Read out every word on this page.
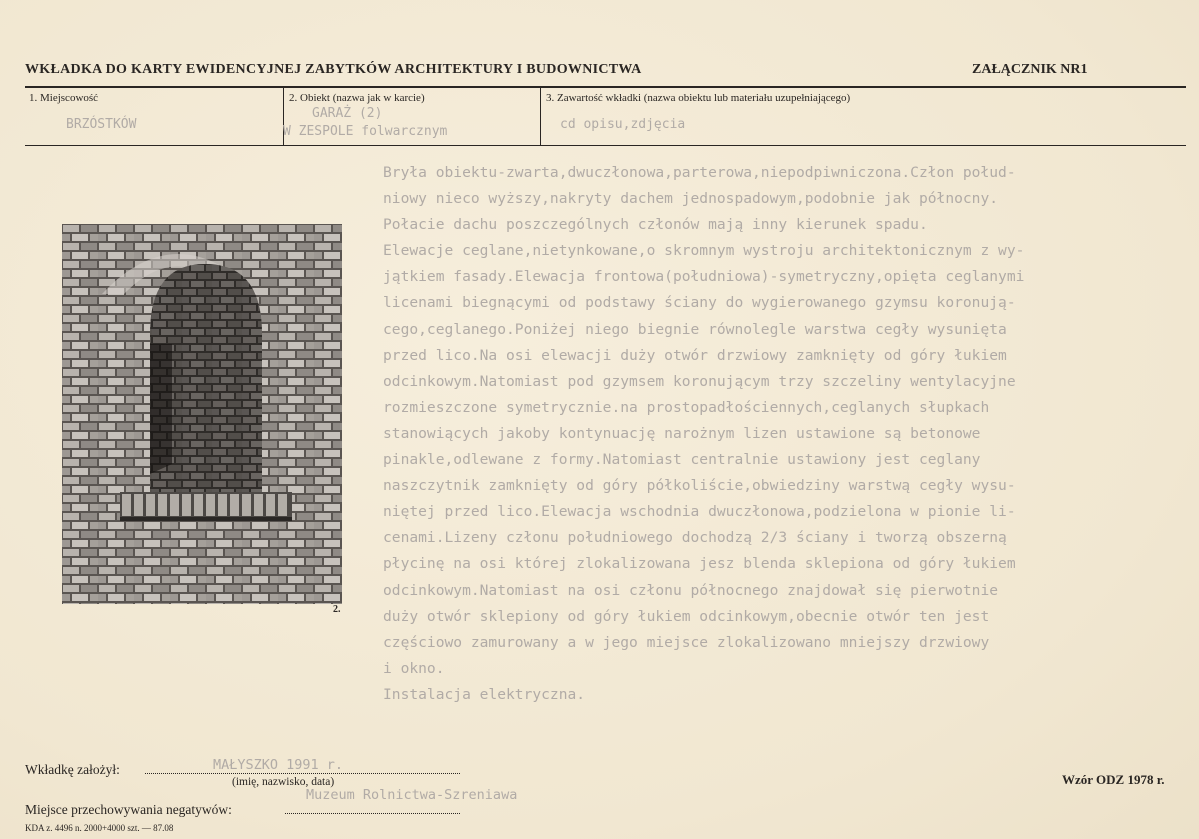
WKŁADKA DO KARTY EWIDENCYJNEJ ZABYTKÓW ARCHITEKTURY I BUDOWNICTWA	ZAŁĄCZNIK NR1
1. Miejscowość
BRZÓSTKÓW
2. Obiekt (nazwa jak w karcie)
GARAŻ (2)
W ZESPOLE folwarcznym
3. Zawartość wkładki (nazwa obiektu lub materiału uzupełniającego)
cd opisu,zdjęcia
2.
Bryła obiektu-zwarta,dwuczłonowa,parterowa,niepodpiwniczona.Człon połud-
niowy nieco wyższy,nakryty dachem jednospadowym,podobnie jak północny.
Połacie dachu poszczególnych członów mają inny kierunek spadu.
Elewacje ceglane,nietynkowane,o skromnym wystroju architektonicznym z wy-
jątkiem fasady.Elewacja frontowa(południowa)-symetryczny,opięta ceglanymi
licenami biegnącymi od podstawy ściany do wygierowanego gzymsu koronują-
cego,ceglanego.Poniżej niego biegnie równolegle warstwa cegły wysunięta
przed lico.Na osi elewacji duży otwór drzwiowy zamknięty od góry łukiem
odcinkowym.Natomiast pod gzymsem koronującym trzy szczeliny wentylacyjne
rozmieszczone symetrycznie.na prostopadłościennych,ceglanych słupkach
stanowiących jakoby kontynuację narożnym lizen ustawione są betonowe
pinakle,odlewane z formy.Natomiast centralnie ustawiony jest ceglany
naszczytnik zamknięty od góry półkoliście,obwiedziny warstwą cegły wysu-
niętej przed lico.Elewacja wschodnia dwuczłonowa,podzielona w pionie li-
cenami.Lizeny członu południowego dochodzą 2/3 ściany i tworzą obszerną
płycinę na osi której zlokalizowana jesz blenda sklepiona od góry łukiem
odcinkowym.Natomiast na osi członu północnego znajdował się pierwotnie
duży otwór sklepiony od góry łukiem odcinkowym,obecnie otwór ten jest
częściowo zamurowany a w jego miejsce zlokalizowano mniejszy drzwiowy
i okno.
Instalacja elektryczna.
Wkładkę założył:	MAŁYSZKO 1991 r.
(imię, nazwisko, data)	Wzór ODZ 1978 r.
Miejsce przechowywania negatywów:
Muzeum Rolnictwa-Szreniawa
KDA z. 4496 n. 2000+4000 szt. — 87.08
